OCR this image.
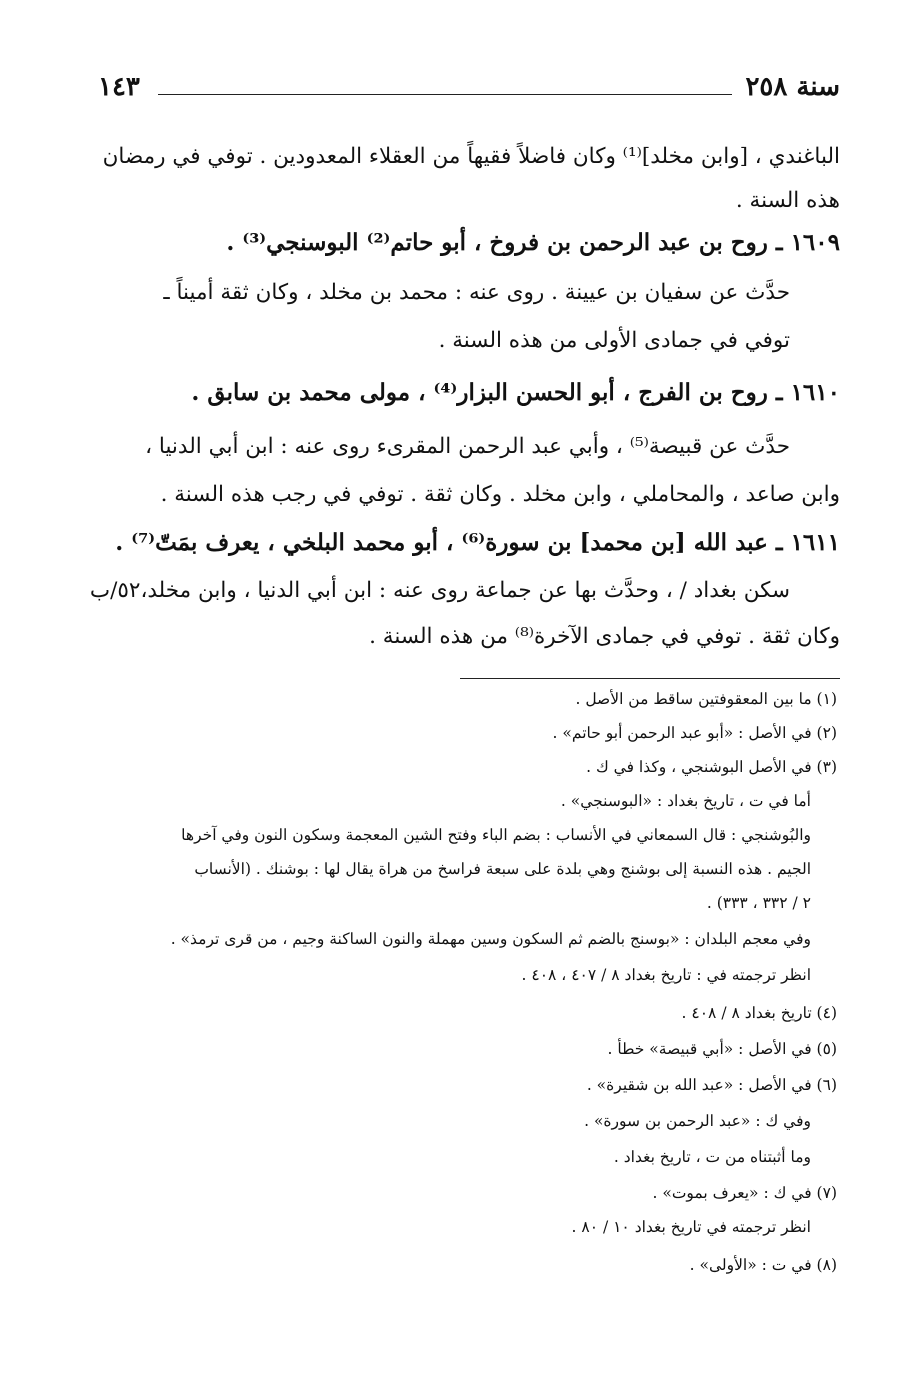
سنة ٢٥٨
١٤٣
الباغندي ، [وابن مخلد]⁽¹⁾ وكان فاضلاً فقيهاً من العقلاء المعدودين . توفي في رمضان
هذه السنة .
١٦٠٩ ـ روح بن عبد الرحمن بن فروخ ، أبو حاتم⁽²⁾ البوسنجي⁽³⁾ .
حدَّث عن سفيان بن عيينة . روى عنه : محمد بن مخلد ، وكان ثقة أميناً ـ
توفي في جمادى الأولى من هذه السنة .
١٦١٠ ـ روح بن الفرج ، أبو الحسن البزار⁽⁴⁾ ، مولى محمد بن سابق .
حدَّث عن قبيصة⁽⁵⁾ ، وأبي عبد الرحمن المقرىء روى عنه : ابن أبي الدنيا ،
وابن صاعد ، والمحاملي ، وابن مخلد . وكان ثقة . توفي في رجب هذه السنة .
١٦١١ ـ عبد الله [بن محمد] بن سورة⁽⁶⁾ ، أبو محمد البلخي ، يعرف بمَتّ⁽⁷⁾ .
سكن بغداد / ، وحدَّث بها عن جماعة روى عنه : ابن أبي الدنيا ، وابن مخلد،٥٢/ب
وكان ثقة . توفي في جمادى الآخرة⁽⁸⁾ من هذه السنة .
(١) ما بين المعقوفتين ساقط من الأصل .
(٢) في الأصل : «أبو عبد الرحمن أبو حاتم» .
(٣) في الأصل البوشنجي ، وكذا في ك .
أما في ت ، تاريخ بغداد : «البوسنجي» .
والبُوشنجي : قال السمعاني في الأنساب : بضم الباء وفتح الشين المعجمة وسكون النون وفي آخرها
الجيم . هذه النسبة إلى بوشنج وهي بلدة على سبعة فراسخ من هراة يقال لها : بوشنك . (الأنساب
٢ / ٣٣٢ ، ٣٣٣) .
وفي معجم البلدان : «بوسنج بالضم ثم السكون وسين مهملة والنون الساكنة وجيم ، من قرى ترمذ» .
انظر ترجمته في : تاريخ بغداد ٨ / ٤٠٧ ، ٤٠٨ .
(٤) تاريخ بغداد ٨ / ٤٠٨ .
(٥) في الأصل : «أبي قبيصة» خطأ .
(٦) في الأصل : «عبد الله بن شقيرة» .
وفي ك : «عبد الرحمن بن سورة» .
وما أثبتناه من ت ، تاريخ بغداد .
(٧) في ك : «يعرف بموت» .
انظر ترجمته في تاريخ بغداد ١٠ / ٨٠ .
(٨) في ت : «الأولى» .
